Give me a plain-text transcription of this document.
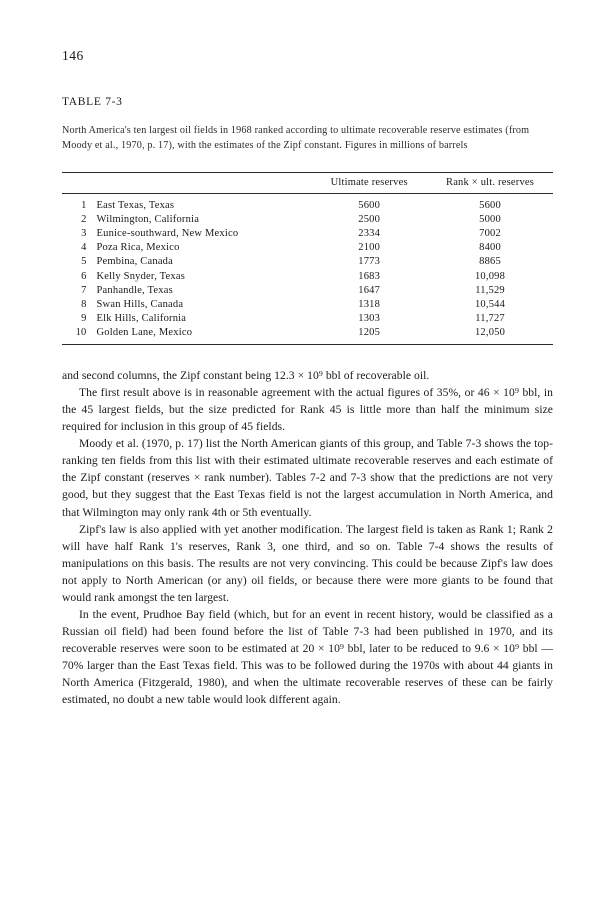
146
TABLE 7-3
North America's ten largest oil fields in 1968 ranked according to ultimate recoverable reserve estimates (from Moody et al., 1970, p. 17), with the estimates of the Zipf constant. Figures in millions of barrels
		Ultimate reserves	Rank × ult. reserves
1	East Texas, Texas	5600	5600
2	Wilmington, California	2500	5000
3	Eunice-southward, New Mexico	2334	7002
4	Poza Rica, Mexico	2100	8400
5	Pembina, Canada	1773	8865
6	Kelly Snyder, Texas	1683	10,098
7	Panhandle, Texas	1647	11,529
8	Swan Hills, Canada	1318	10,544
9	Elk Hills, California	1303	11,727
10	Golden Lane, Mexico	1205	12,050

and second columns, the Zipf constant being 12.3 × 10⁹ bbl of recoverable oil.

The first result above is in reasonable agreement with the actual figures of 35%, or 46 × 10⁹ bbl, in the 45 largest fields, but the size predicted for Rank 45 is little more than half the minimum size required for inclusion in this group of 45 fields.

Moody et al. (1970, p. 17) list the North American giants of this group, and Table 7-3 shows the top-ranking ten fields from this list with their estimated ultimate recoverable reserves and each estimate of the Zipf constant (reserves × rank number). Tables 7-2 and 7-3 show that the predictions are not very good, but they suggest that the East Texas field is not the largest accumulation in North America, and that Wilmington may only rank 4th or 5th eventually.

Zipf's law is also applied with yet another modification. The largest field is taken as Rank 1; Rank 2 will have half Rank 1's reserves, Rank 3, one third, and so on. Table 7-4 shows the results of manipulations on this basis. The results are not very convincing. This could be because Zipf's law does not apply to North American (or any) oil fields, or because there were more giants to be found that would rank amongst the ten largest.

In the event, Prudhoe Bay field (which, but for an event in recent history, would be classified as a Russian oil field) had been found before the list of Table 7-3 had been published in 1970, and its recoverable reserves were soon to be estimated at 20 × 10⁹ bbl, later to be reduced to 9.6 × 10⁹ bbl — 70% larger than the East Texas field. This was to be followed during the 1970s with about 44 giants in North America (Fitzgerald, 1980), and when the ultimate recoverable reserves of these can be fairly estimated, no doubt a new table would look different again.
